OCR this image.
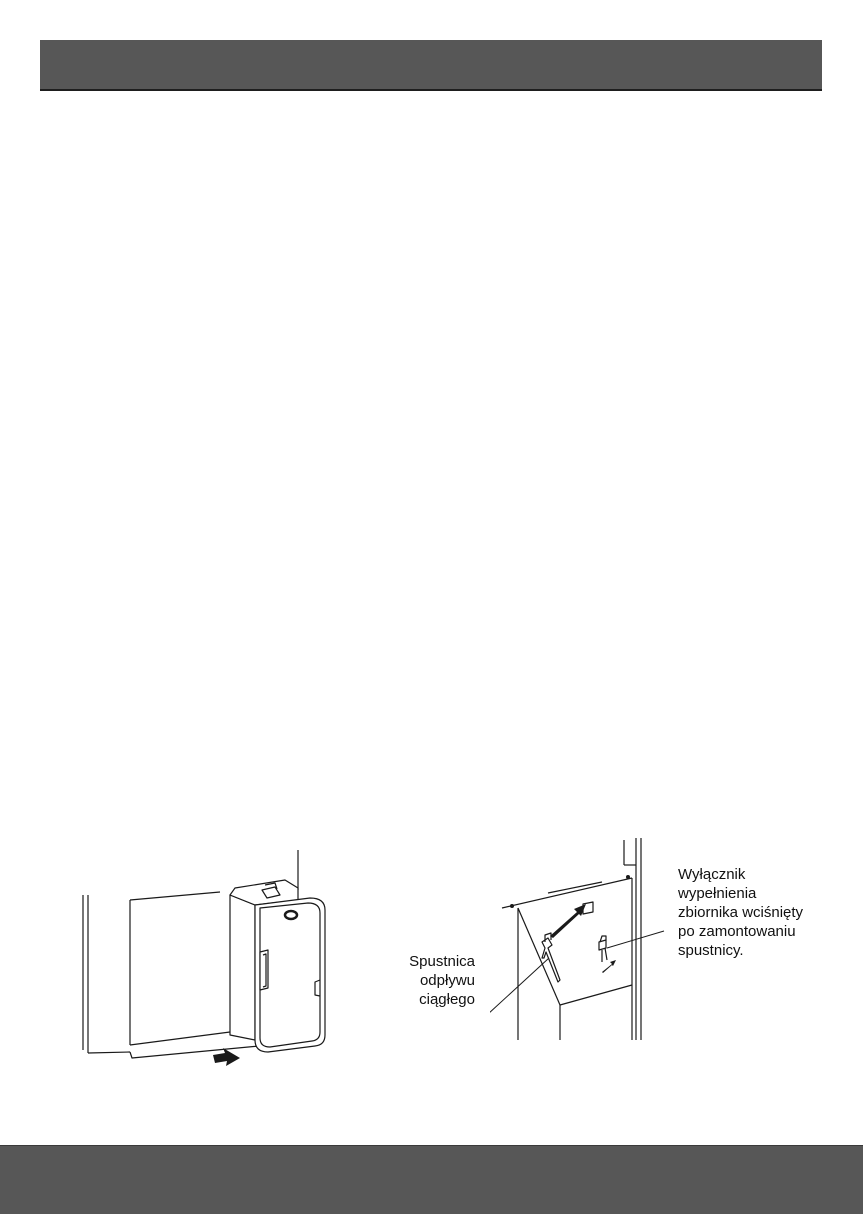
Spustnica
odpływu
ciągłego
Wyłącznik
wypełnienia
zbiornika wciśnięty
po zamontowaniu
spustnicy.
